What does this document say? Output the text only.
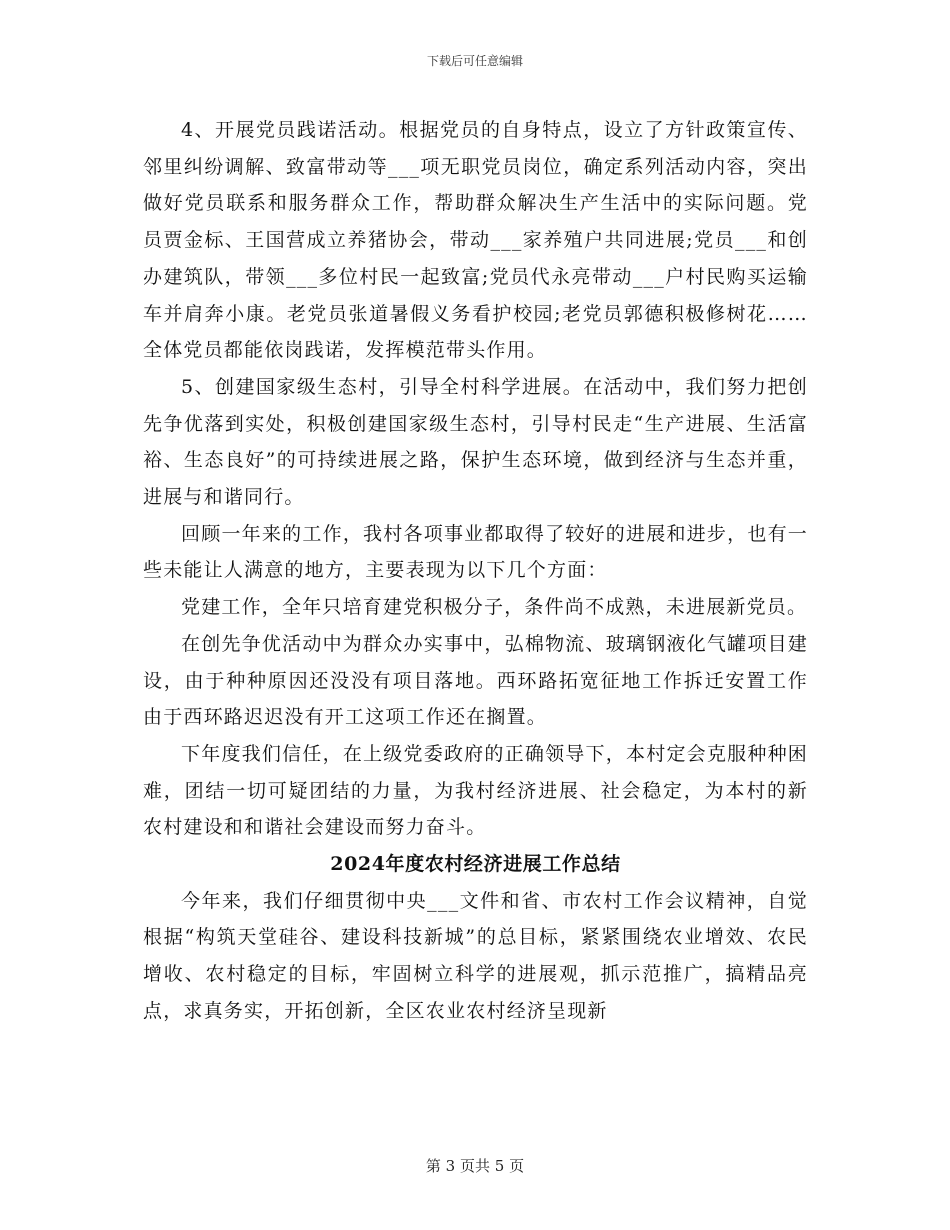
下载后可任意编辑

4、开展党员践诺活动。根据党员的自身特点，设立了方针政策宣传、邻里纠纷调解、致富带动等___项无职党员岗位，确定系列活动内容，突出做好党员联系和服务群众工作，帮助群众解决生产生活中的实际问题。党员贾金标、王国营成立养猪协会，带动___家养殖户共同进展;党员___和创办建筑队，带领___多位村民一起致富;党员代永亮带动___户村民购买运输车并肩奔小康。老党员张道暑假义务看护校园;老党员郭德积极修树花……全体党员都能依岗践诺，发挥模范带头作用。

5、创建国家级生态村，引导全村科学进展。在活动中，我们努力把创先争优落到实处，积极创建国家级生态村，引导村民走“生产进展、生活富裕、生态良好”的可持续进展之路，保护生态环境，做到经济与生态并重，进展与和谐同行。

回顾一年来的工作，我村各项事业都取得了较好的进展和进步，也有一些未能让人满意的地方，主要表现为以下几个方面：

党建工作，全年只培育建党积极分子，条件尚不成熟，未进展新党员。

在创先争优活动中为群众办实事中，弘棉物流、玻璃钢液化气罐项目建设，由于种种原因还没没有项目落地。西环路拓宽征地工作拆迁安置工作由于西环路迟迟没有开工这项工作还在搁置。

下年度我们信任，在上级党委政府的正确领导下，本村定会克服种种困难，团结一切可疑团结的力量，为我村经济进展、社会稳定，为本村的新农村建设和和谐社会建设而努力奋斗。

2024年度农村经济进展工作总结

今年来，我们仔细贯彻中央___文件和省、市农村工作会议精神，自觉根据“构筑天堂硅谷、建设科技新城”的总目标，紧紧围绕农业增效、农民增收、农村稳定的目标，牢固树立科学的进展观，抓示范推广，搞精品亮点，求真务实，开拓创新，全区农业农村经济呈现新

第 3 页共 5 页
